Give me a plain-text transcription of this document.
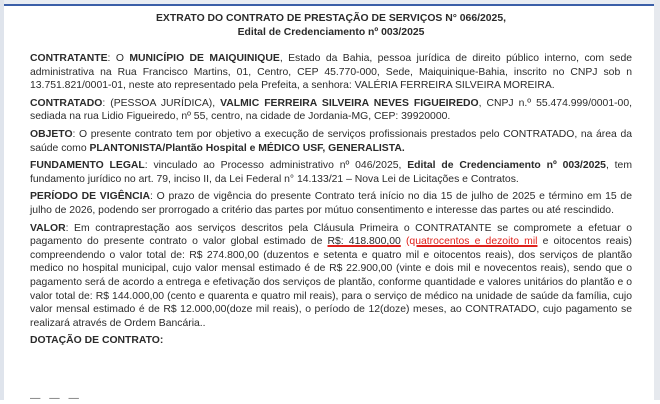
EXTRATO DO CONTRATO DE PRESTAÇÃO DE SERVIÇOS N° 066/2025,
Edital de Credenciamento nº 003/2025

CONTRATANTE: O MUNICÍPIO DE MAIQUINIQUE, Estado da Bahia, pessoa jurídica de direito público interno, com sede administrativa na Rua Francisco Martins, 01, Centro, CEP 45.770-000, Sede, Maiquinique-Bahia, inscrito no CNPJ sob n 13.751.821/0001-01, neste ato representado pela Prefeita, a senhora: VALÉRIA FERREIRA SILVEIRA MOREIRA.

CONTRATADO: (PESSOA JURÍDICA), VALMIC FERREIRA SILVEIRA NEVES FIGUEIREDO, CNPJ n.º 55.474.999/0001-00, sediada na rua Lidio Figueiredo, nº 55, centro, na cidade de Jordania-MG, CEP: 39920000.

OBJETO: O presente contrato tem por objetivo a execução de serviços profissionais prestados pelo CONTRATADO, na área da saúde como PLANTONISTA/Plantão Hospital e MÉDICO USF, GENERALISTA.

FUNDAMENTO LEGAL: vinculado ao Processo administrativo nº 046/2025, Edital de Credenciamento nº 003/2025, tem fundamento jurídico no art. 79, inciso II, da Lei Federal n° 14.133/21 – Nova Lei de Licitações e Contratos.

PERÍODO DE VIGÊNCIA: O prazo de vigência do presente Contrato terá início no dia 15 de julho de 2025 e término em 15 de julho de 2026, podendo ser prorrogado a critério das partes por mútuo consentimento e interesse das partes ou até rescindido.

VALOR: Em contraprestação aos serviços descritos pela Cláusula Primeira o CONTRATANTE se compromete a efetuar o pagamento do presente contrato o valor global estimado de R$: 418.800,00 (quatrocentos e dezoito mil e oitocentos reais) compreendendo o valor total de: R$ 274.800,00 (duzentos e setenta e quatro mil e oitocentos reais), dos serviços de plantão medico no hospital municipal, cujo valor mensal estimado é de R$ 22.900,00 (vinte e dois mil e novecentos reais), sendo que o pagamento será de acordo a entrega e efetivação dos serviços de plantão, conforme quantidade e valores unitários do plantão e o valor total de: R$ 144.000,00 (cento e quarenta e quatro mil reais), para o serviço de médico na unidade de saúde da família, cujo valor mensal estimado é de R$ 12.000,00(doze mil reais), o período de 12(doze) meses, ao CONTRATADO, cujo pagamento se realizará através de Ordem Bancária..

DOTAÇÃO DE CONTRATO:

— — —
